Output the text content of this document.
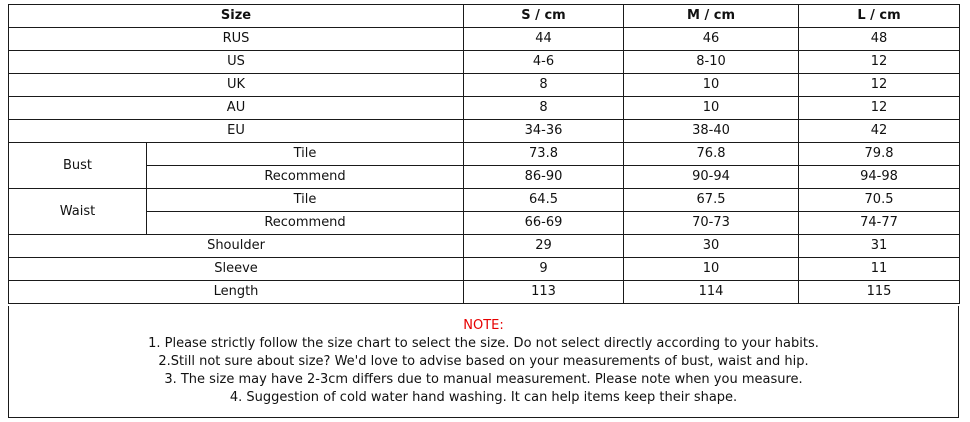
Size		S / cm	M / cm	L / cm
RUS		44	46	48
US		4-6	8-10	12
UK		8	10	12
AU		8	10	12
EU		34-36	38-40	42
Bust	Tile	73.8	76.8	79.8
	Recommend	86-90	90-94	94-98
Waist	Tile	64.5	67.5	70.5
	Recommend	66-69	70-73	74-77
Shoulder		29	30	31
Sleeve		9	10	11
Length		113	114	115
NOTE:
1. Please strictly follow the size chart to select the size. Do not select directly according to your habits.
2.Still not sure about size? We'd love to advise based on your measurements of bust, waist and hip.
3. The size may have 2-3cm differs due to manual measurement. Please note when you measure.
4. Suggestion of cold water hand washing. It can help items keep their shape.
